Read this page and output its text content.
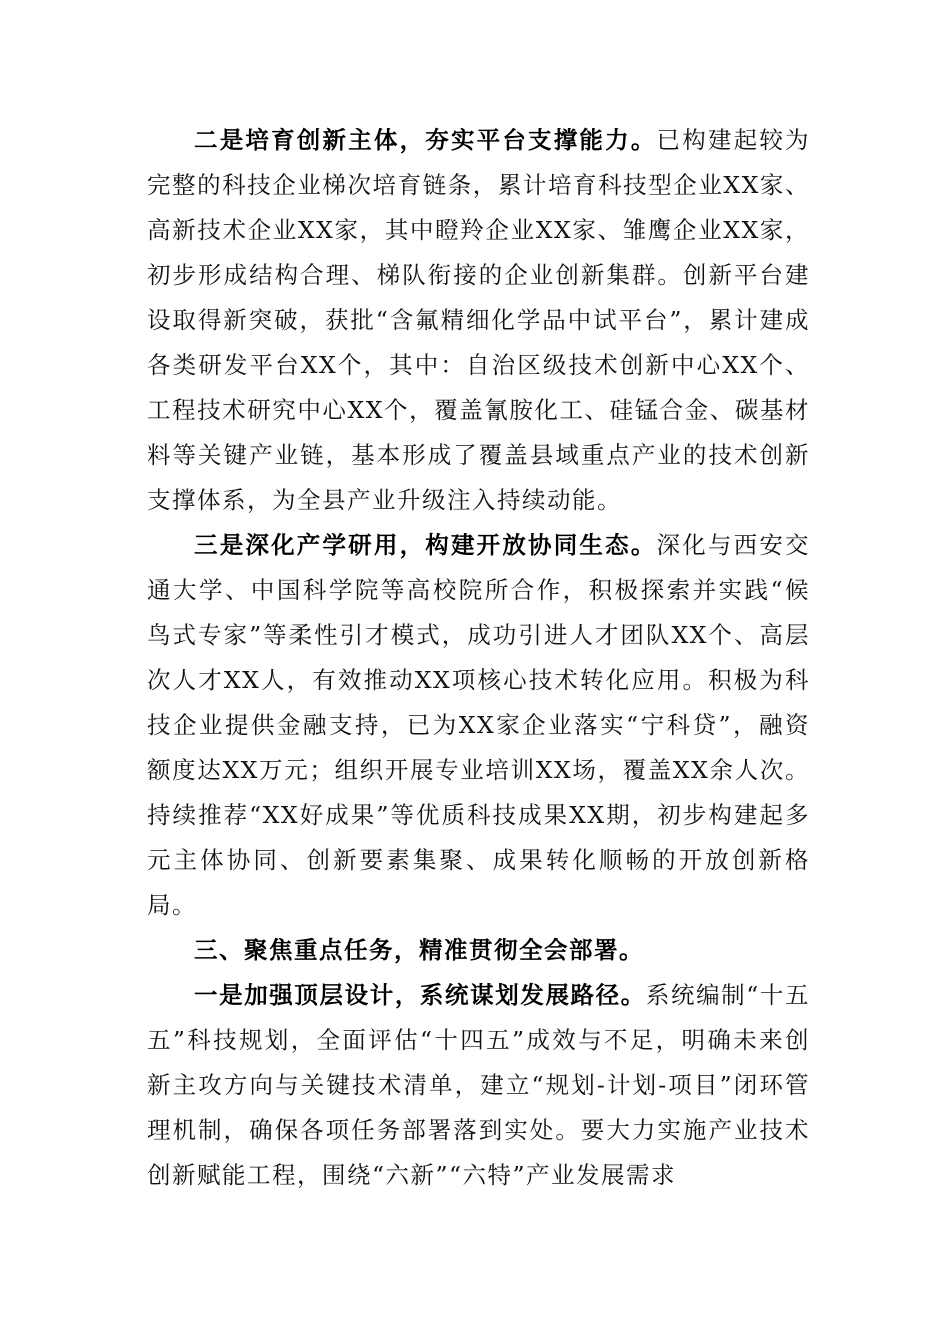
二是培育创新主体，夯实平台支撑能力。已构建起较为完整的科技企业梯次培育链条，累计培育科技型企业XX家、高新技术企业XX家，其中瞪羚企业XX家、雏鹰企业XX家，初步形成结构合理、梯队衔接的企业创新集群。创新平台建设取得新突破，获批“含氟精细化学品中试平台”，累计建成各类研发平台XX个，其中：自治区级技术创新中心XX个、工程技术研究中心XX个，覆盖氰胺化工、硅锰合金、碳基材料等关键产业链，基本形成了覆盖县域重点产业的技术创新支撑体系，为全县产业升级注入持续动能。

三是深化产学研用，构建开放协同生态。深化与西安交通大学、中国科学院等高校院所合作，积极探索并实践“候鸟式专家”等柔性引才模式，成功引进人才团队XX个、高层次人才XX人，有效推动XX项核心技术转化应用。积极为科技企业提供金融支持，已为XX家企业落实“宁科贷”，融资额度达XX万元；组织开展专业培训XX场，覆盖XX余人次。持续推荐“XX好成果”等优质科技成果XX期，初步构建起多元主体协同、创新要素集聚、成果转化顺畅的开放创新格局。

三、聚焦重点任务，精准贯彻全会部署。

一是加强顶层设计，系统谋划发展路径。系统编制“十五五”科技规划，全面评估“十四五”成效与不足，明确未来创新主攻方向与关键技术清单，建立“规划-计划-项目”闭环管理机制，确保各项任务部署落到实处。要大力实施产业技术创新赋能工程，围绕“六新”“六特”产业发展需求
